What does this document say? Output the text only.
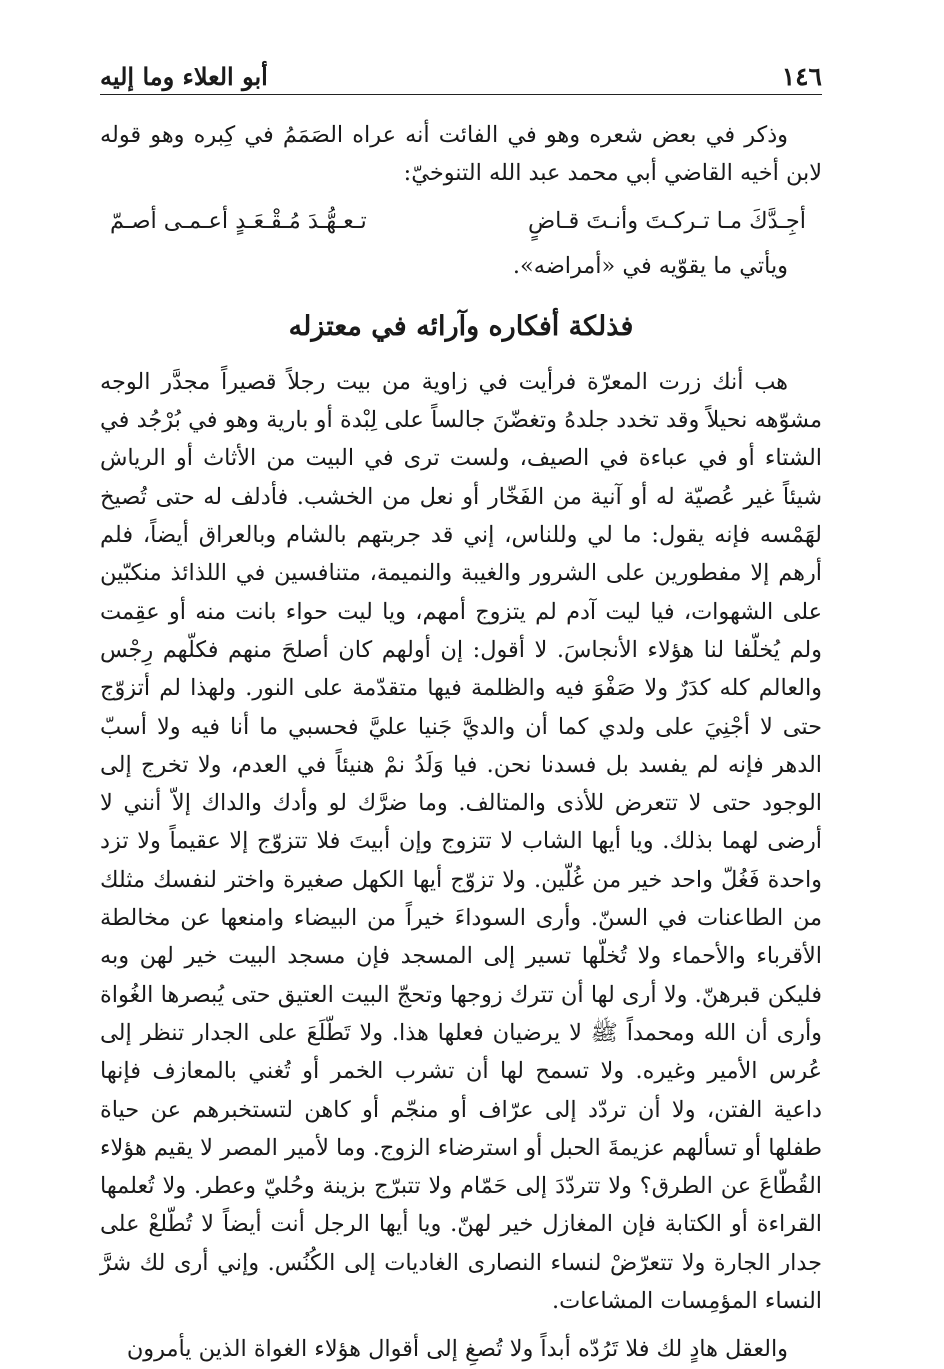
١٤٦
أبو العلاء وما إليه

وذكر في بعض شعره وهو في الفائت أنه عراه الصَمَمُ في كِبره وهو قوله لابن أخيه القاضي أبي محمد عبد الله التنوخيّ:

أجِـدَّكَ مـا تـركـتَ وأنـتَ قـاضٍ
تـعـهُّـدَ مُـقْـعَـدٍ أعـمـى أصـمّ

ويأتي ما يقوّيه في «أمراضه».

فذلكة أفكاره وآرائه في معتزله

هب أنك زرت المعرّة فرأيت في زاوية من بيت رجلاً قصيراً مجدَّر الوجه مشوّهه نحيلاً وقد تخدد جلدهُ وتغضّنَ جالساً على لِبْدة أو بارية وهو في بُرْجُد في الشتاء أو في عباءة في الصيف، ولست ترى في البيت من الأثاث أو الرياش شيئاً غير عُصيّة له أو آنية من الفَخّار أو نعل من الخشب. فأدلف له حتى تُصيخ لهَمْسه فإنه يقول: ما لي وللناس، إني قد جربتهم بالشام وبالعراق أيضاً، فلم أرهم إلا مفطورين على الشرور والغيبة والنميمة، متنافسين في اللذائذ منكبّين على الشهوات، فيا ليت آدم لم يتزوج أمهم، ويا ليت حواء بانت منه أو عقِمت ولم يُخلّفا لنا هؤلاء الأنجاسَ. لا أقول: إن أولهم كان أصلحَ منهم فكلّهم رِجْس والعالم كله كدَرٌ ولا صَفْوَ فيه والظلمة فيها متقدّمة على النور. ولهذا لم أتزوّج حتى لا أجْنِيَ على ولدي كما أن والديَّ جَنيا عليَّ فحسبي ما أنا فيه ولا أسبّ الدهر فإنه لم يفسد بل فسدنا نحن. فيا وَلَدُ نمْ هنيئاً في العدم، ولا تخرج إلى الوجود حتى لا تتعرض للأذى والمتالف. وما ضرَّك لو وأدك والداك إلاّ أنني لا أرضى لهما بذلك. ويا أيها الشاب لا تتزوج وإن أبيتَ فلا تتزوّج إلا عقيماً ولا تزد واحدة فَغُلّ واحد خير من غُلّين. ولا تزوّج أيها الكهل صغيرة واختر لنفسك مثلك من الطاعنات في السنّ. وأرى السوداءَ خيراً من البيضاء وامنعها عن مخالطة الأقرباء والأحماء ولا تُخلّها تسير إلى المسجد فإن مسجد البيت خير لهن وبه فليكن قبرهنّ. ولا أرى لها أن تترك زوجها وتحجّ البيت العتيق حتى يُبصرها الغُواة وأرى أن الله ومحمداً ﷺ لا يرضيان فعلها هذا. ولا تَطّلَعَ على الجدار تنظر إلى عُرس الأمير وغيره. ولا تسمح لها أن تشرب الخمر أو تُغني بالمعازف فإنها داعية الفتن، ولا أن تردّد إلى عرّاف أو منجّم أو كاهن لتستخبرهم عن حياة طفلها أو تسألهم عزيمةَ الحبل أو استرضاء الزوج. وما لأمير المصر لا يقيم هؤلاء القُطّاعَ عن الطرق؟ ولا تتردّدَ إلى حَمّام ولا تتبرّج بزينة وحُليّ وعطر. ولا تُعلمها القراءة أو الكتابة فإن المغازل خير لهنّ. ويا أيها الرجل أنت أيضاً لا تُطّلعْ على جدار الجارة ولا تتعرّضْ لنساء النصارى الغاديات إلى الكُنُس. وإني أرى لك شرَّ النساء المؤمِسات المشاعات.

والعقل هادٍ لك فلا تَرُدّه أبداً ولا تُصغِ إلى أقوال هؤلاء الغواة الذين يأمرون
